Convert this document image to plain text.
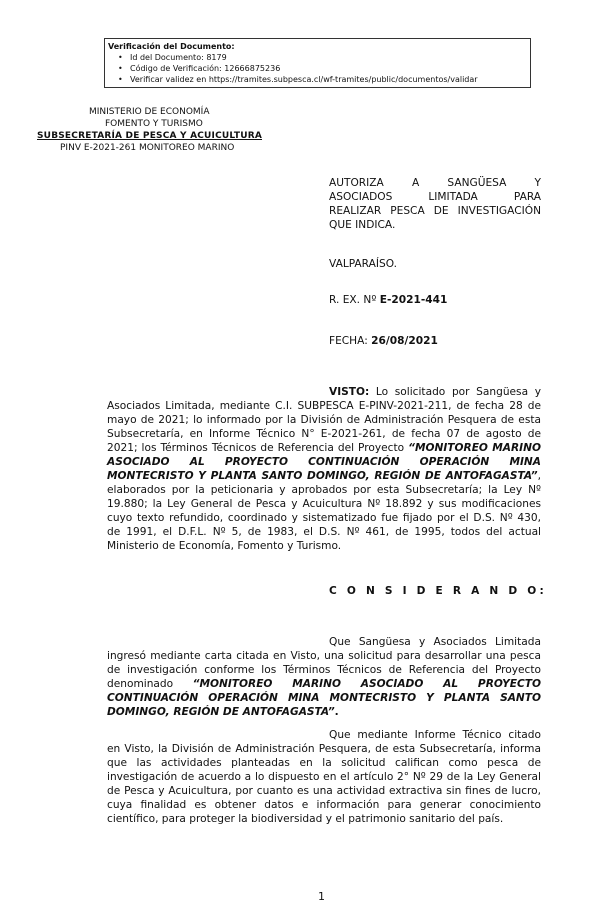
Verificación del Documento:
• Id del Documento: 8179
• Código de Verificación: 12666875236
• Verificar validez en https://tramites.subpesca.cl/wf-tramites/public/documentos/validar
MINISTERIO DE ECONOMÍA
FOMENTO Y TURISMO
SUBSECRETARÍA DE PESCA Y ACUICULTURA
PINV E-2021-261 MONITOREO MARINO
AUTORIZA A SANGÜESA Y
ASOCIADOS LIMITADA PARA
REALIZAR PESCA DE INVESTIGACIÓN
QUE INDICA.
VALPARAÍSO.
R. EX. Nº E-2021-441
FECHA: 26/08/2021
VISTO: Lo solicitado por Sangüesa y Asociados Limitada, mediante C.I. SUBPESCA E-PINV-2021-211, de fecha 28 de mayo de 2021; lo informado por la División de Administración Pesquera de esta Subsecretaría, en Informe Técnico N° E-2021-261, de fecha 07 de agosto de 2021; los Términos Técnicos de Referencia del Proyecto “MONITOREO MARINO ASOCIADO AL PROYECTO CONTINUACIÓN OPERACIÓN MINA MONTECRISTO Y PLANTA SANTO DOMINGO, REGIÓN DE ANTOFAGASTA”, elaborados por la peticionaria y aprobados por esta Subsecretaría; la Ley Nº 19.880; la Ley General de Pesca y Acuicultura Nº 18.892 y sus modificaciones cuyo texto refundido, coordinado y sistematizado fue fijado por el D.S. Nº 430, de 1991, el D.F.L. Nº 5, de 1983, el D.S. Nº 461, de 1995, todos del actual Ministerio de Economía, Fomento y Turismo.
C O N S I D E R A N D O:
Que Sangüesa y Asociados Limitada ingresó mediante carta citada en Visto, una solicitud para desarrollar una pesca de investigación conforme los Términos Técnicos de Referencia del Proyecto denominado “MONITOREO MARINO ASOCIADO AL PROYECTO CONTINUACIÓN OPERACIÓN MINA MONTECRISTO Y PLANTA SANTO DOMINGO, REGIÓN DE ANTOFAGASTA”.
Que mediante Informe Técnico citado en Visto, la División de Administración Pesquera, de esta Subsecretaría, informa que las actividades planteadas en la solicitud califican como pesca de investigación de acuerdo a lo dispuesto en el artículo 2° Nº 29 de la Ley General de Pesca y Acuicultura, por cuanto es una actividad extractiva sin fines de lucro, cuya finalidad es obtener datos e información para generar conocimiento científico, para proteger la biodiversidad y el patrimonio sanitario del país.
1
